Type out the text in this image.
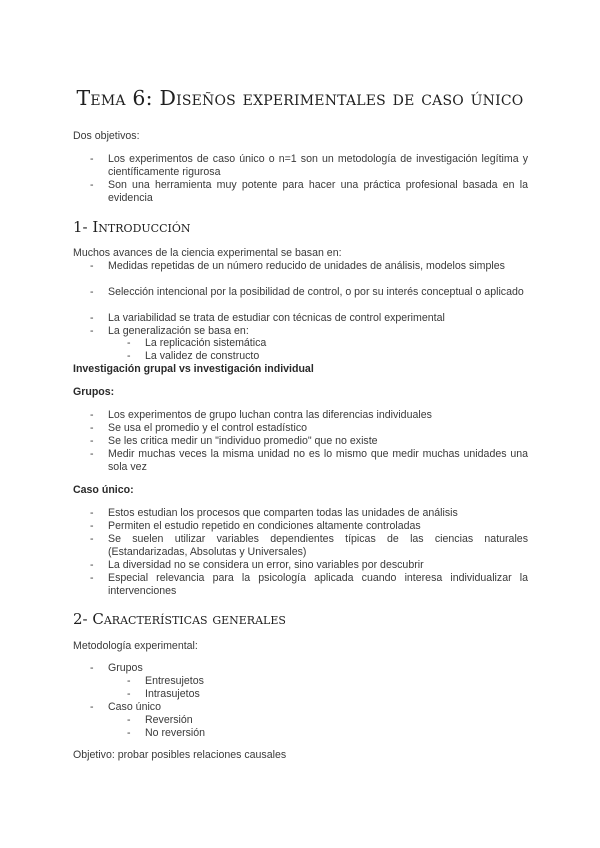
Tema 6: Diseños experimentales de caso único
Dos objetivos:
- Los experimentos de caso único o n=1 son un metodología de investigación legítima y científicamente rigurosa
- Son una herramienta muy potente para hacer una práctica profesional basada en la evidencia
1- Introducción
Muchos avances de la ciencia experimental se basan en:
- Medidas repetidas de un número reducido de unidades de análisis, modelos simples
- Selección intencional por la posibilidad de control, o por su interés conceptual o aplicado
- La variabilidad se trata de estudiar con técnicas de control experimental
- La generalización se basa en:
- La replicación sistemática
- La validez de constructo
Investigación grupal vs investigación individual
Grupos:
- Los experimentos de grupo luchan contra las diferencias individuales
- Se usa el promedio y el control estadístico
- Se les critica medir un "individuo promedio" que no existe
- Medir muchas veces la misma unidad no es lo mismo que medir muchas unidades una sola vez
Caso único:
- Estos estudian los procesos que comparten todas las unidades de análisis
- Permiten el estudio repetido en condiciones altamente controladas
- Se suelen utilizar variables dependientes típicas de las ciencias naturales (Estandarizadas, Absolutas y Universales)
- La diversidad no se considera un error, sino variables por descubrir
- Especial relevancia para la psicología aplicada cuando interesa individualizar la intervenciones
2- Características generales
Metodología experimental:
- Grupos
- Entresujetos
- Intrasujetos
- Caso único
- Reversión
- No reversión
Objetivo: probar posibles relaciones causales
